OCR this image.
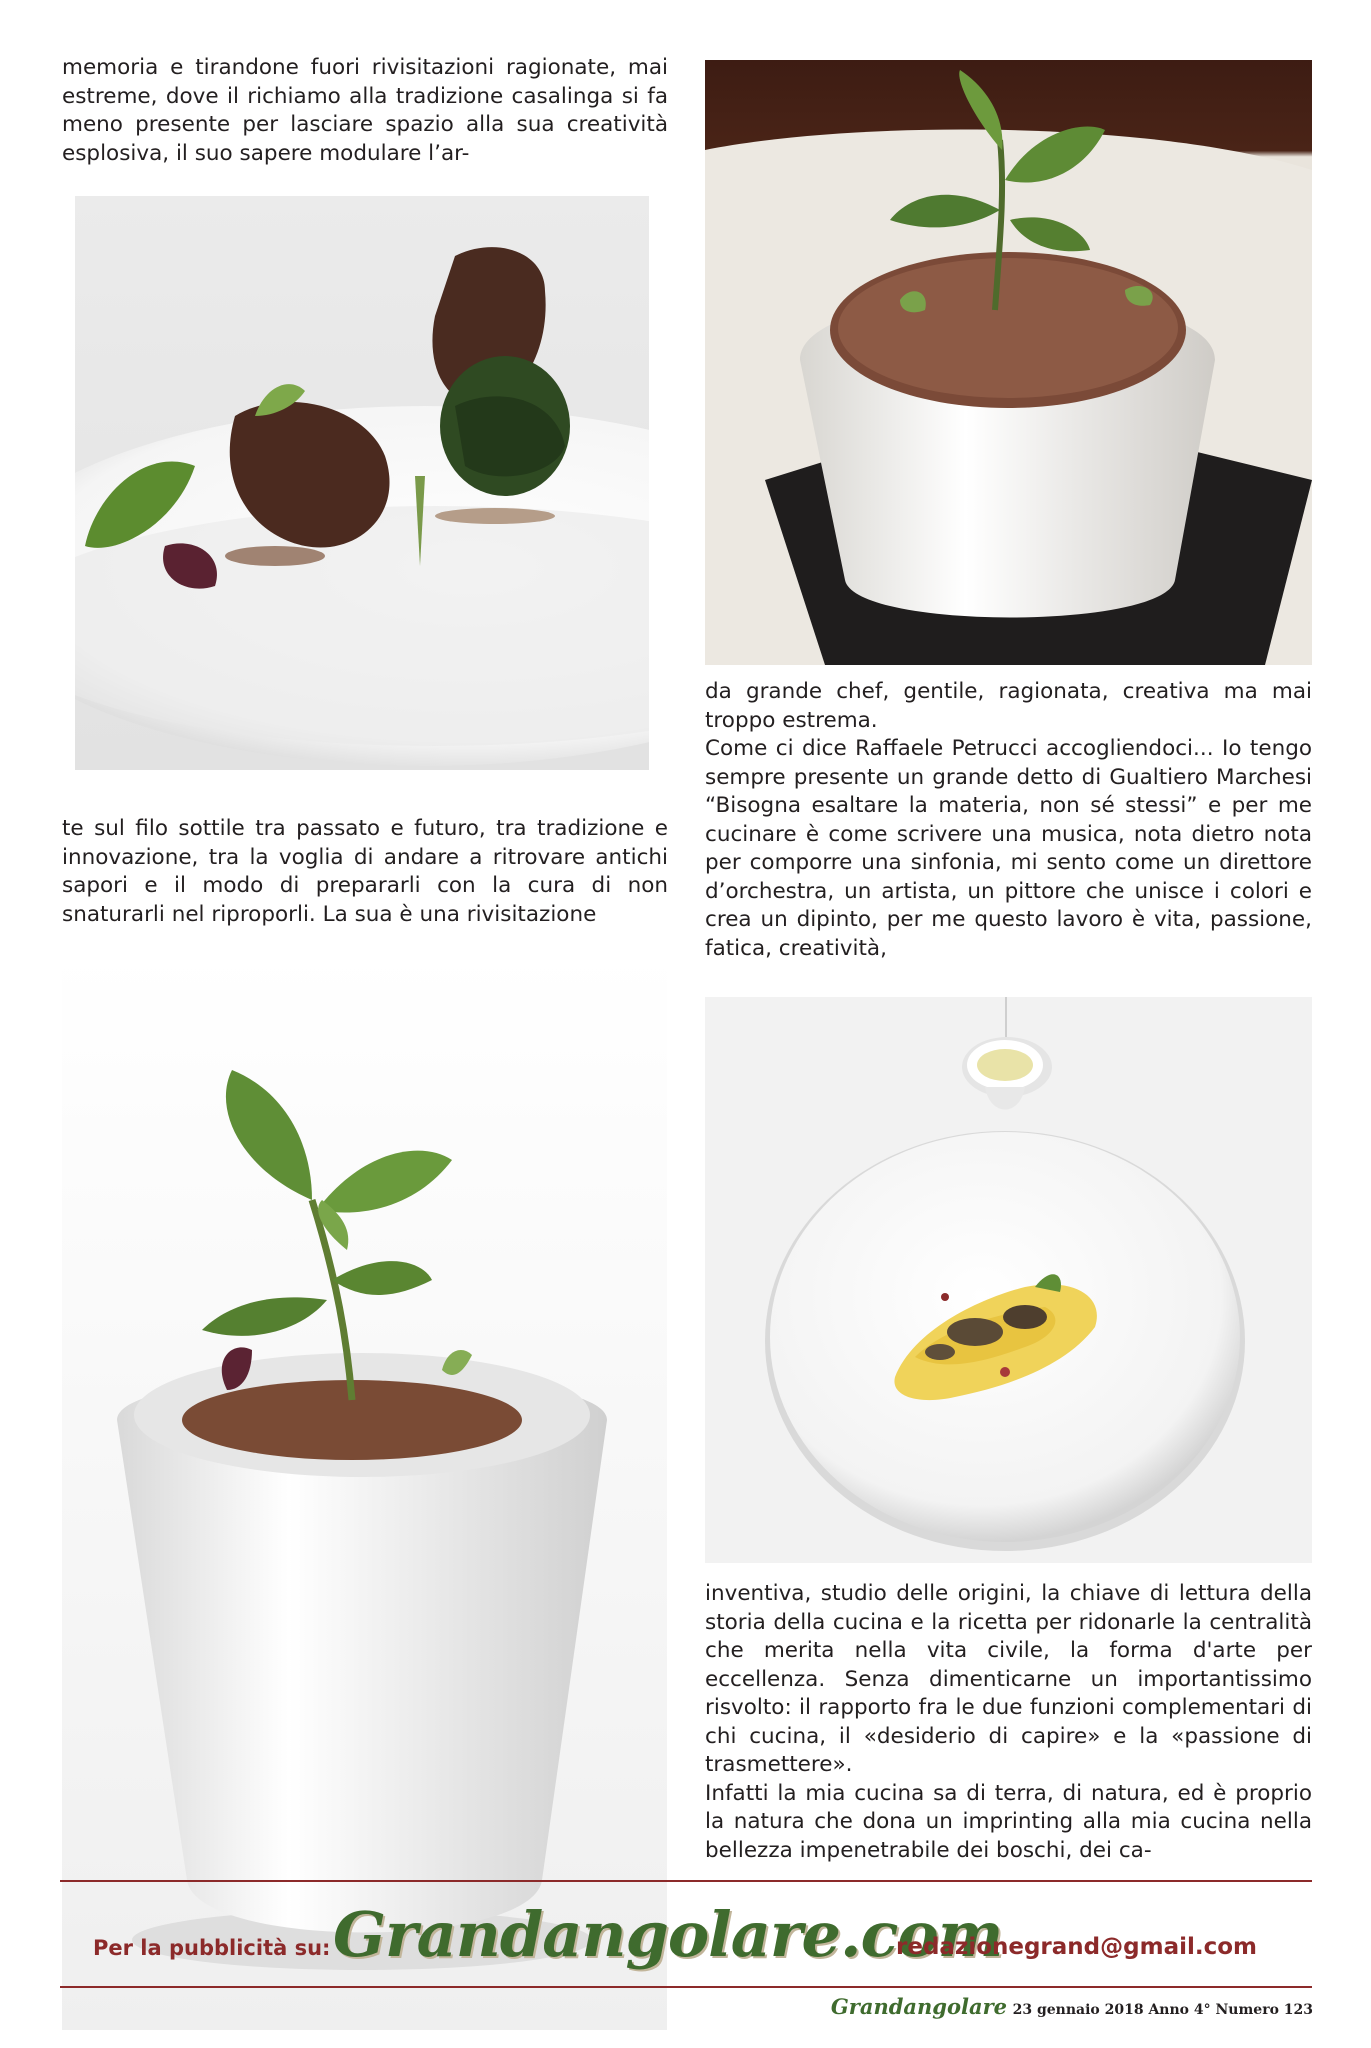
memoria e tirandone fuori rivisitazioni ragionate, mai estreme, dove il richiamo alla tradizione casalinga si fa meno presente per lasciare spazio alla sua creatività esplosiva, il suo sapere modulare l’ar-

te sul filo sottile tra passato e futuro, tra tradizione e innovazione, tra la voglia di andare a ritrovare antichi sapori e il modo di prepararli con la cura di non snaturarli nel riproporli. La sua è una rivisitazione

da grande chef, gentile, ragionata, creativa ma mai troppo estrema.

Come ci dice Raffaele Petrucci accogliendoci... Io tengo sempre presente un grande detto di Gualtiero Marchesi “Bisogna esaltare la materia, non sé stessi” e per me cucinare è come scrivere una musica, nota dietro nota per comporre una sinfonia, mi sento come un direttore d’orchestra, un artista, un pittore che unisce i colori e crea un dipinto, per me questo lavoro è vita, passione, fatica, creatività,

inventiva, studio delle origini, la chiave di lettura della storia della cucina e la ricetta per ridonarle la centralità che merita nella vita civile, la forma d'arte per eccellenza. Senza dimenticarne un importantissimo risvolto: il rapporto fra le due funzioni complementari di chi cucina, il «desiderio di capire» e la «passione di trasmettere».

Infatti la mia cucina sa di terra, di natura, ed è proprio la natura che dona un imprinting alla mia cucina nella bellezza impenetrabile dei boschi, dei ca-

Per la pubblicità su: Grandangolare.com
redazionegrand@gmail.com
Grandangolare 23 gennaio 2018 Anno 4° Numero 123
